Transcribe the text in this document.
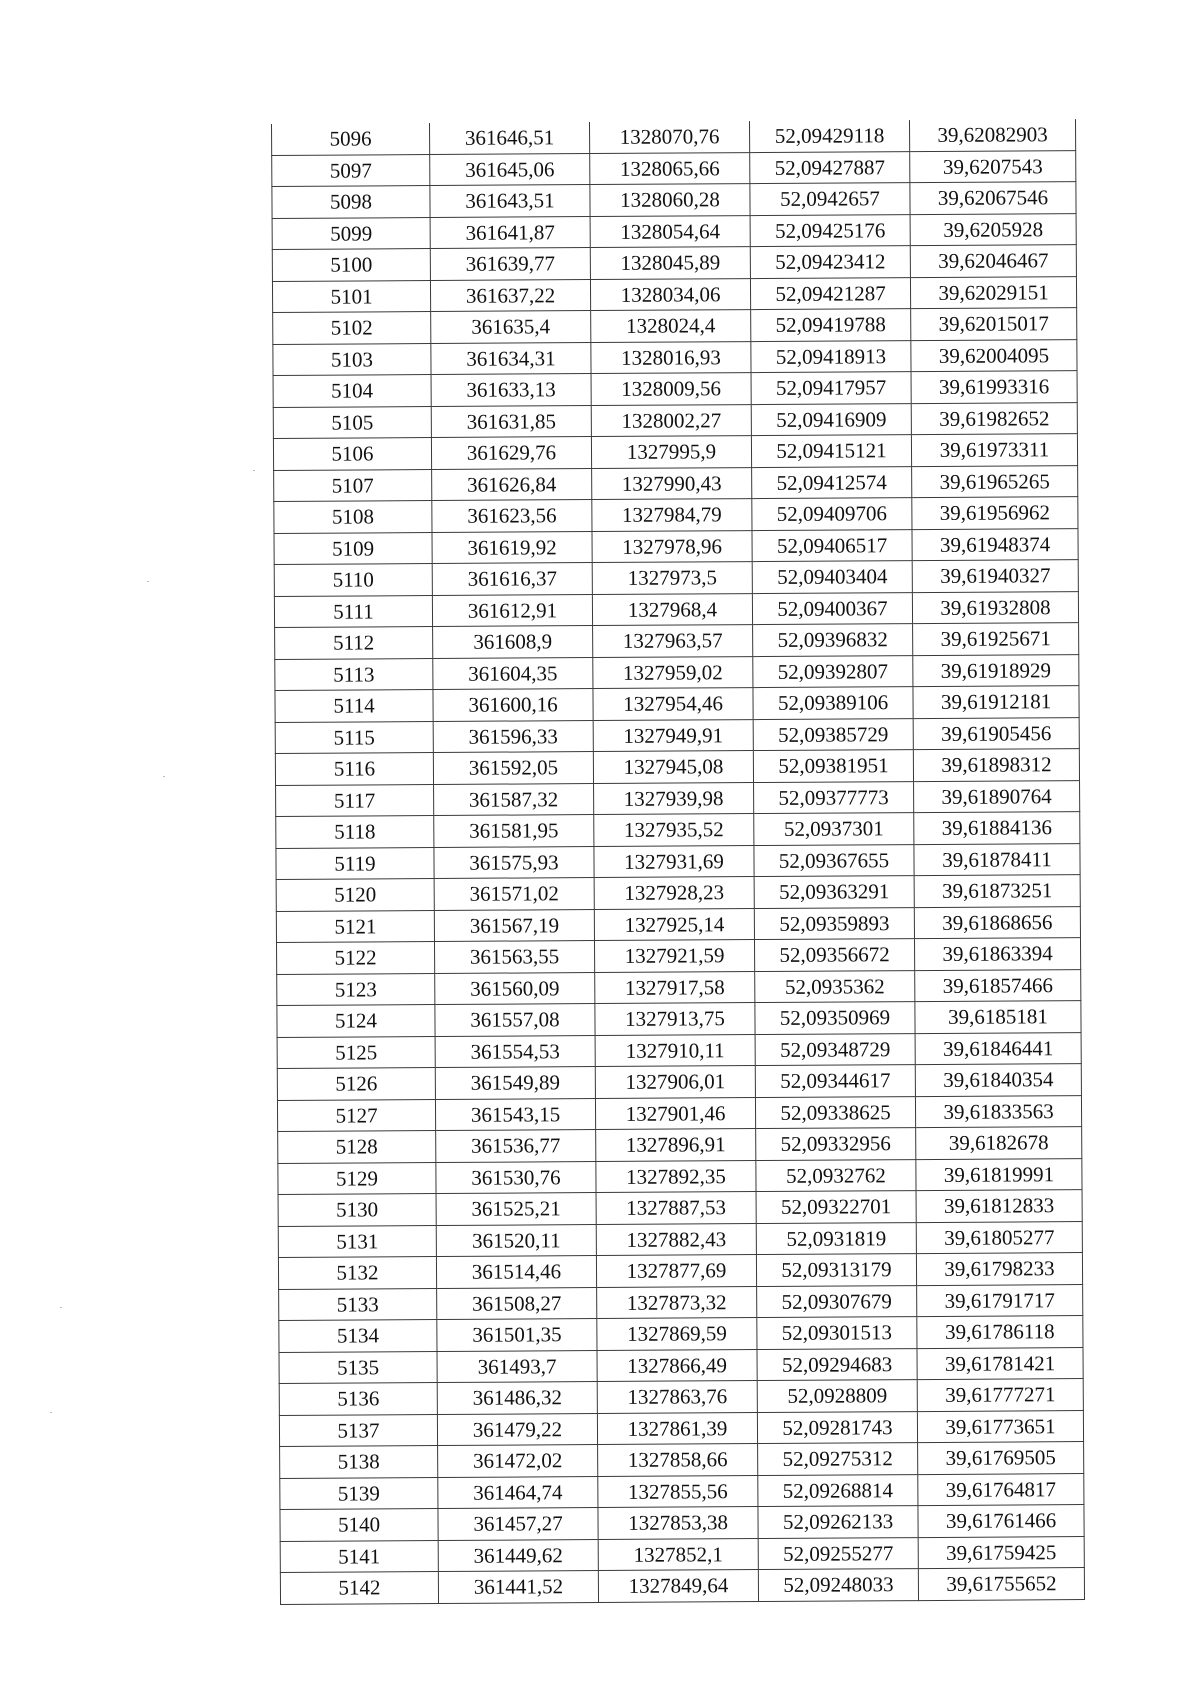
5096	361646,51	1328070,76	52,09429118	39,62082903
5097	361645,06	1328065,66	52,09427887	39,6207543
5098	361643,51	1328060,28	52,0942657	39,62067546
5099	361641,87	1328054,64	52,09425176	39,6205928
5100	361639,77	1328045,89	52,09423412	39,62046467
5101	361637,22	1328034,06	52,09421287	39,62029151
5102	361635,4	1328024,4	52,09419788	39,62015017
5103	361634,31	1328016,93	52,09418913	39,62004095
5104	361633,13	1328009,56	52,09417957	39,61993316
5105	361631,85	1328002,27	52,09416909	39,61982652
5106	361629,76	1327995,9	52,09415121	39,61973311
5107	361626,84	1327990,43	52,09412574	39,61965265
5108	361623,56	1327984,79	52,09409706	39,61956962
5109	361619,92	1327978,96	52,09406517	39,61948374
5110	361616,37	1327973,5	52,09403404	39,61940327
5111	361612,91	1327968,4	52,09400367	39,61932808
5112	361608,9	1327963,57	52,09396832	39,61925671
5113	361604,35	1327959,02	52,09392807	39,61918929
5114	361600,16	1327954,46	52,09389106	39,61912181
5115	361596,33	1327949,91	52,09385729	39,61905456
5116	361592,05	1327945,08	52,09381951	39,61898312
5117	361587,32	1327939,98	52,09377773	39,61890764
5118	361581,95	1327935,52	52,0937301	39,61884136
5119	361575,93	1327931,69	52,09367655	39,61878411
5120	361571,02	1327928,23	52,09363291	39,61873251
5121	361567,19	1327925,14	52,09359893	39,61868656
5122	361563,55	1327921,59	52,09356672	39,61863394
5123	361560,09	1327917,58	52,0935362	39,61857466
5124	361557,08	1327913,75	52,09350969	39,6185181
5125	361554,53	1327910,11	52,09348729	39,61846441
5126	361549,89	1327906,01	52,09344617	39,61840354
5127	361543,15	1327901,46	52,09338625	39,61833563
5128	361536,77	1327896,91	52,09332956	39,6182678
5129	361530,76	1327892,35	52,0932762	39,61819991
5130	361525,21	1327887,53	52,09322701	39,61812833
5131	361520,11	1327882,43	52,0931819	39,61805277
5132	361514,46	1327877,69	52,09313179	39,61798233
5133	361508,27	1327873,32	52,09307679	39,61791717
5134	361501,35	1327869,59	52,09301513	39,61786118
5135	361493,7	1327866,49	52,09294683	39,61781421
5136	361486,32	1327863,76	52,0928809	39,61777271
5137	361479,22	1327861,39	52,09281743	39,61773651
5138	361472,02	1327858,66	52,09275312	39,61769505
5139	361464,74	1327855,56	52,09268814	39,61764817
5140	361457,27	1327853,38	52,09262133	39,61761466
5141	361449,62	1327852,1	52,09255277	39,61759425
5142	361441,52	1327849,64	52,09248033	39,61755652
